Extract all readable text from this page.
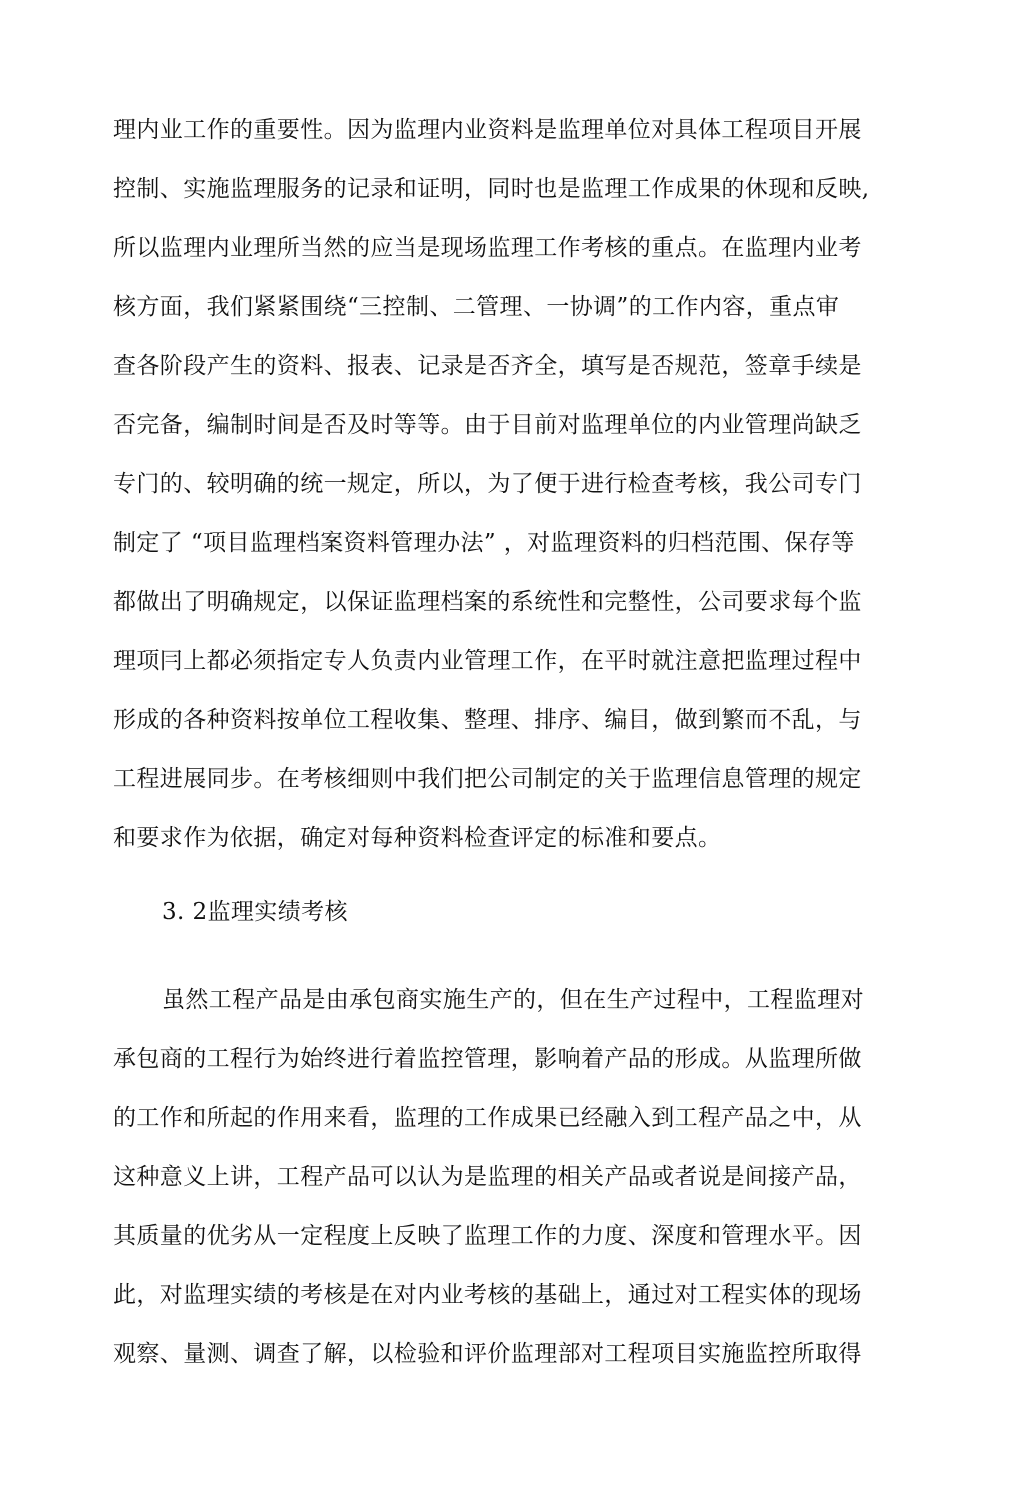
理内业工作的重要性。因为监理内业资料是监理单位对具体工程项目开展
控制、实施监理服务的记录和证明，同时也是监理工作成果的休现和反映,
所以监理内业理所当然的应当是现场监理工作考核的重点。在监理内业考
核方面，我们紧紧围绕“三控制、二管理、一协调”的工作内容，重点审
查各阶段产生的资料、报表、记录是否齐全，填写是否规范，签章手续是
否完备，编制时间是否及时等等。由于目前对监理单位的内业管理尚缺乏
专门的、较明确的统一规定，所以，为了便于进行检查考核，我公司专门
制定了 “项目监理档案资料管理办法” ，对监理资料的归档范围、保存等
都做出了明确规定，以保证监理档案的系统性和完整性，公司要求每个监
理项冃上都必须指定专人负责内业管理工作，在平时就注意把监理过程中
形成的各种资料按单位工程收集、整理、排序、编目，做到繁而不乱，与
工程进展同步。在考核细则中我们把公司制定的关于监理信息管理的规定
和要求作为依据，确定对每种资料检查评定的标准和要点。
3. 2监理实绩考核
虽然工程产品是由承包商实施生产的，但在生产过程中，工程监理对
承包商的工程行为始终进行着监控管理，影响着产品的形成。从监理所做
的工作和所起的作用来看，监理的工作成果已经融入到工程产品之中，从
这种意义上讲，工程产品可以认为是监理的相关产品或者说是间接产品，
其质量的优劣从一定程度上反映了监理工作的力度、深度和管理水平。因
此，对监理实绩的考核是在对内业考核的基础上，通过对工程实体的现场
观察、量测、调查了解，以检验和评价监理部对工程项目实施监控所取得
